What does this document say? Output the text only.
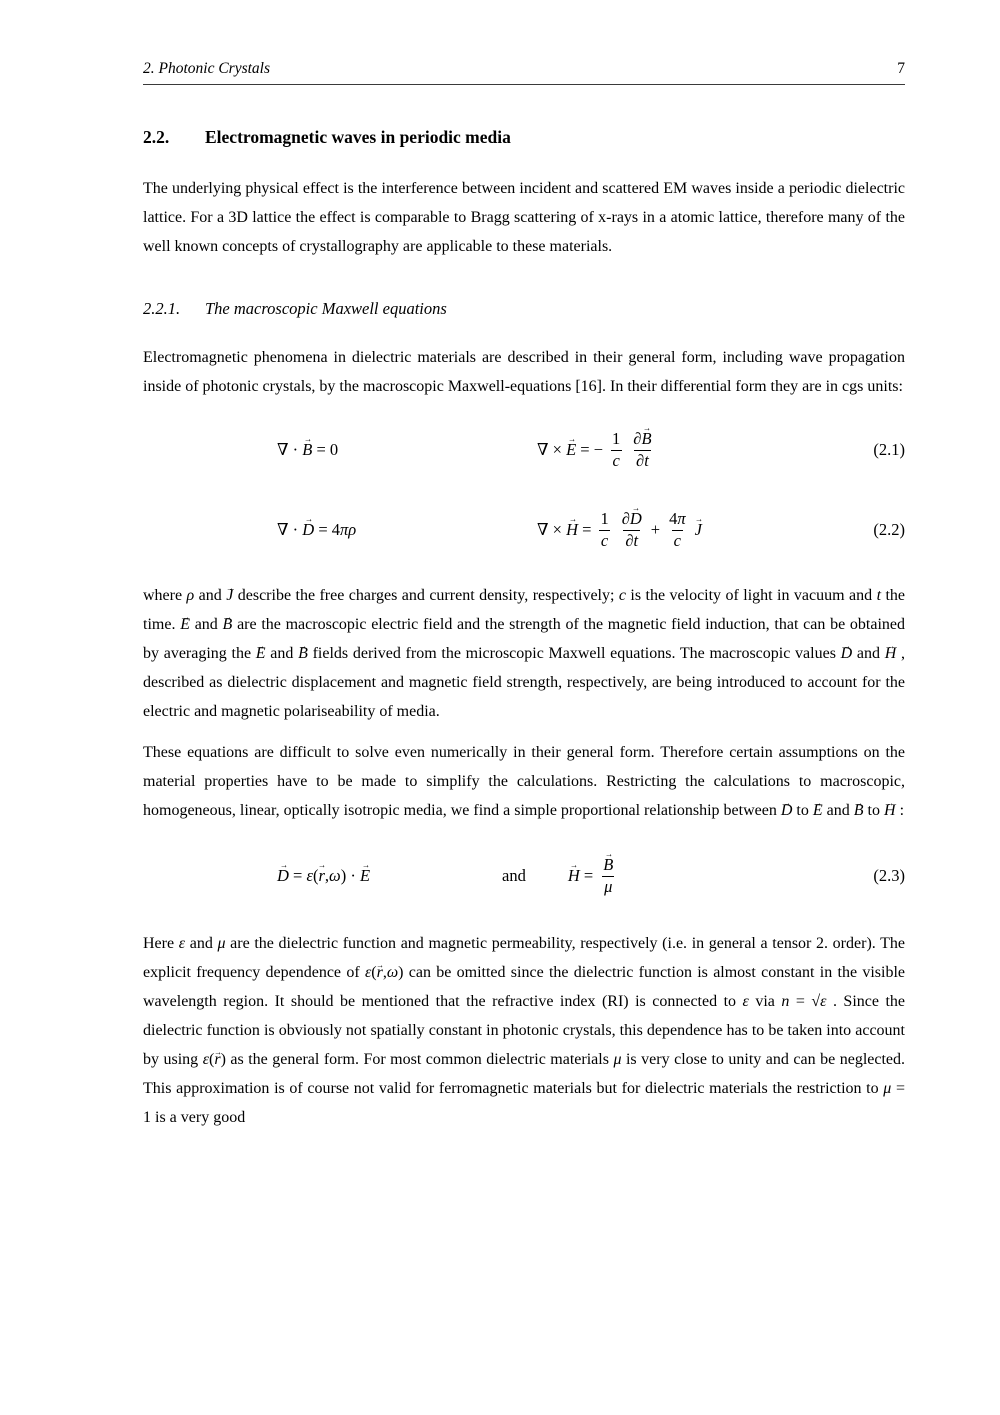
2. Photonic Crystals	7
2.2.	Electromagnetic waves in periodic media

The underlying physical effect is the interference between incident and scattered EM waves inside a periodic dielectric lattice. For a 3D lattice the effect is comparable to Bragg scattering of x-rays in a atomic lattice, therefore many of the well known concepts of crystallography are applicable to these materials.

2.2.1.	The macroscopic Maxwell equations

Electromagnetic phenomena in dielectric materials are described in their general form, including wave propagation inside of photonic crystals, by the macroscopic Maxwell-equations [16]. In their differential form they are in cgs units:

∇ · B → = 0	∇ × E → = − $\frac{1}{c} \frac{\partial B \to}{\partial t}$	(2.1)
∇ · D → = 4πρ	∇ × H → = $\frac{1}{c} \frac{\partial D \to}{\partial t} + \frac{4\pi}{c}$ J →	(2.2)

where ρ and J → describe the free charges and current density, respectively; c is the velocity of light in vacuum and t the time. E → and B → are the macroscopic electric field and the strength of the magnetic field induction, that can be obtained by averaging the E → and B → fields derived from the microscopic Maxwell equations. The macroscopic values D → and H → , described as dielectric displacement and magnetic field strength, respectively, are being introduced to account for the electric and magnetic polariseability of media.

These equations are difficult to solve even numerically in their general form. Therefore certain assumptions on the material properties have to be made to simplify the calculations. Restricting the calculations to macroscopic, homogeneous, linear, optically isotropic media, we find a simple proportional relationship between D → to E → and B → to H → :

D → = ε(r →,ω) · E →	and	H → = $\frac{B \to}{\mu}$	(2.3)

Here ε and μ are the dielectric function and magnetic permeability, respectively (i.e. in general a tensor 2. order). The explicit frequency dependence of ε(r →,ω) can be omitted since the dielectric function is almost constant in the visible wavelength region. It should be mentioned that the refractive index (RI) is connected to ε via n = √ε . Since the dielectric function is obviously not spatially constant in photonic crystals, this dependence has to be taken into account by using ε(r →) as the general form. For most common dielectric materials μ is very close to unity and can be neglected. This approximation is of course not valid for ferromagnetic materials but for dielectric materials the restriction to μ = 1 is a very good
